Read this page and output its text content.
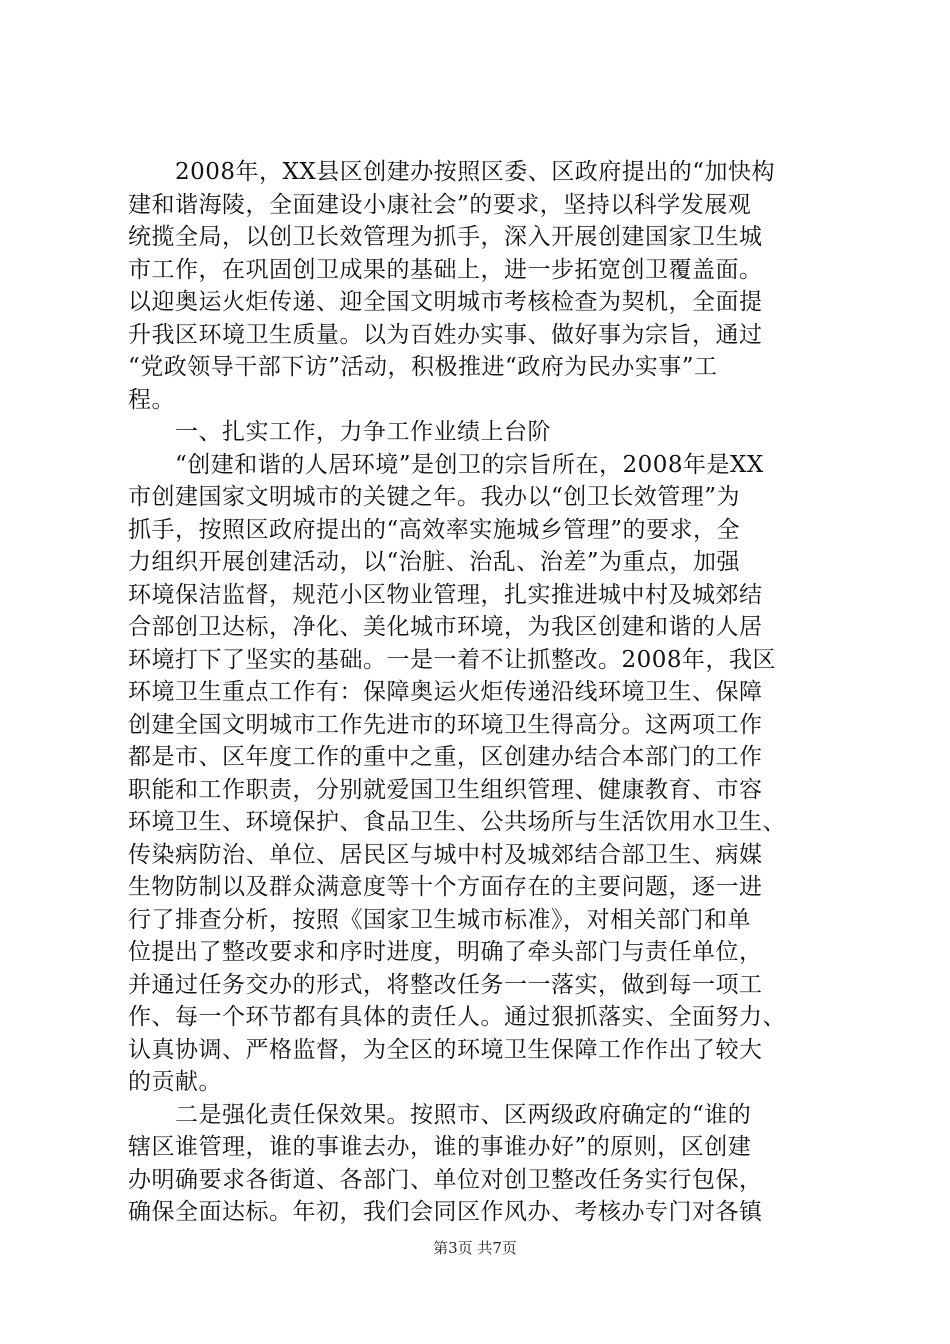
　　2008年，XX县区创建办按照区委、区政府提出的“加快构
建和谐海陵，全面建设小康社会”的要求，坚持以科学发展观
统揽全局，以创卫长效管理为抓手，深入开展创建国家卫生城
市工作，在巩固创卫成果的基础上，进一步拓宽创卫覆盖面。
以迎奥运火炬传递、迎全国文明城市考核检查为契机，全面提
升我区环境卫生质量。以为百姓办实事、做好事为宗旨，通过
“党政领导干部下访”活动，积极推进“政府为民办实事”工
程。
　　一、扎实工作，力争工作业绩上台阶
　　“创建和谐的人居环境”是创卫的宗旨所在，2008年是XX
市创建国家文明城市的关键之年。我办以“创卫长效管理”为
抓手，按照区政府提出的“高效率实施城乡管理”的要求，全
力组织开展创建活动，以“治脏、治乱、治差”为重点，加强
环境保洁监督，规范小区物业管理，扎实推进城中村及城郊结
合部创卫达标，净化、美化城市环境，为我区创建和谐的人居
环境打下了坚实的基础。一是一着不让抓整改。2008年，我区
环境卫生重点工作有：保障奥运火炬传递沿线环境卫生、保障
创建全国文明城市工作先进市的环境卫生得高分。这两项工作
都是市、区年度工作的重中之重，区创建办结合本部门的工作
职能和工作职责，分别就爱国卫生组织管理、健康教育、市容
环境卫生、环境保护、食品卫生、公共场所与生活饮用水卫生、
传染病防治、单位、居民区与城中村及城郊结合部卫生、病媒
生物防制以及群众满意度等十个方面存在的主要问题，逐一进
行了排查分析，按照《国家卫生城市标准》，对相关部门和单
位提出了整改要求和序时进度，明确了牵头部门与责任单位，
并通过任务交办的形式，将整改任务一一落实，做到每一项工
作、每一个环节都有具体的责任人。通过狠抓落实、全面努力、
认真协调、严格监督，为全区的环境卫生保障工作作出了较大
的贡献。
　　二是强化责任保效果。按照市、区两级政府确定的“谁的
辖区谁管理，谁的事谁去办，谁的事谁办好”的原则，区创建
办明确要求各街道、各部门、单位对创卫整改任务实行包保，
确保全面达标。年初，我们会同区作风办、考核办专门对各镇
第3页 共7页
